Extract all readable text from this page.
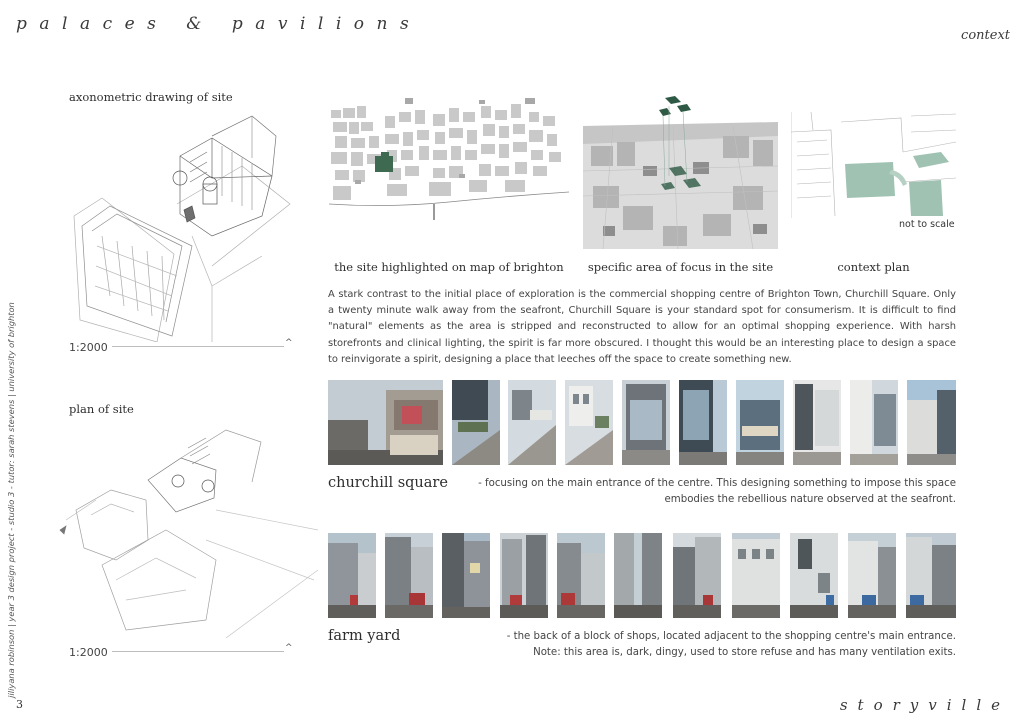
palaces & pavilions
context
storyville
3
jiliyana robinson | year 3 design project - studio 3 - tutor: sarah stevens | university of brighton
axonometric drawing of site
1:2000	^
plan of site
1:2000	^
not to scale
the site highlighted on map of brighton	specific area of focus in the site	context plan
A stark contrast to the initial place of exploration is the commercial shopping centre of Brighton Town, Churchill Square. Only a twenty minute walk away from the seafront, Churchill Square is your standard spot for consumerism. It is difficult to find "natural" elements as the area is stripped and reconstructed to allow for an optimal shopping experience. With harsh storefronts and clinical lighting, the spirit is far more obscured. I thought this would be an interesting place to design a space to reinvigorate a spirit, designing a place that leeches off the space to create something new.
churchill square	- focusing on the main entrance of the centre. This designing something to impose this space
embodies the rebellious nature observed at the seafront.
farm yard	- the back of a block of shops, located adjacent to the shopping centre's main entrance.
Note: this area is, dark, dingy, used to store refuse and has many ventilation exits.
